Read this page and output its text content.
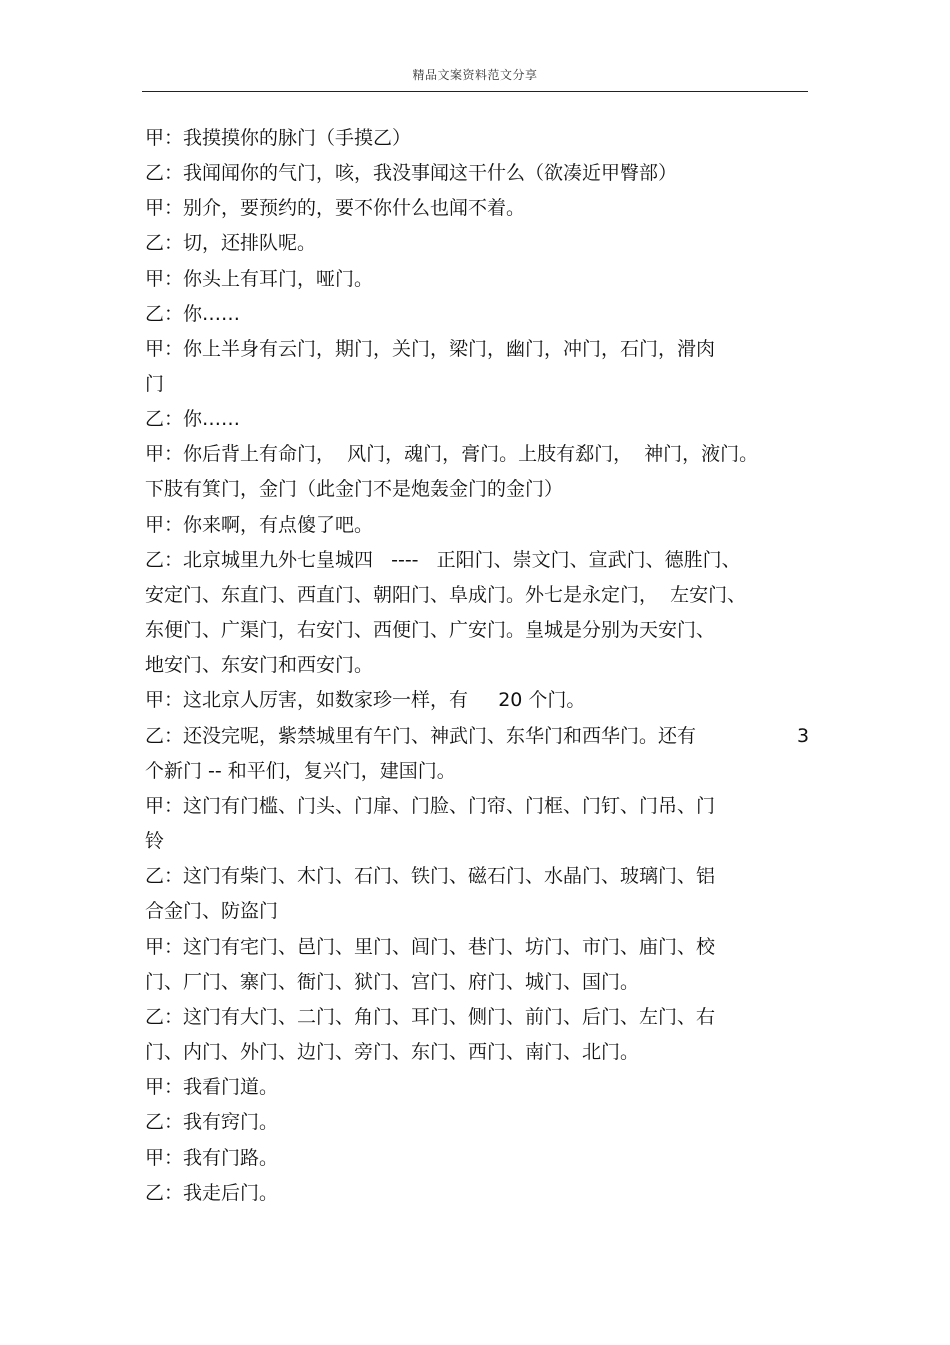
精品文案资料范文分享
甲：我摸摸你的脉门（手摸乙）
乙：我闻闻你的气门，咳，我没事闻这干什么（欲凑近甲臀部）
甲：别介，要预约的，要不你什么也闻不着。
乙：切，还排队呢。
甲：你头上有耳门，哑门。
乙：你……
甲：你上半身有云门，期门，关门，梁门，幽门，冲门，石门，滑肉
门
乙：你……
甲：你后背上有命门，  风门，魂门，膏门。上肢有郄门，  神门，液门。
下肢有箕门，金门（此金门不是炮轰金门的金门）
甲：你来啊，有点傻了吧。
乙：北京城里九外七皇城四   ----   正阳门、崇文门、宣武门、德胜门、
安定门、东直门、西直门、朝阳门、阜成门。外七是永定门，  左安门、
东便门、广渠门，右安门、西便门、广安门。皇城是分别为天安门、
地安门、东安门和西安门。
甲：这北京人厉害，如数家珍一样，有     20 个门。
乙：还没完呢，紫禁城里有午门、神武门、东华门和西华门。还有	3
个新门 -- 和平们，复兴门，建国门。
甲：这门有门槛、门头、门扉、门脸、门帘、门框、门钉、门吊、门
铃
乙：这门有柴门、木门、石门、铁门、磁石门、水晶门、玻璃门、铝
合金门、防盗门
甲：这门有宅门、邑门、里门、闾门、巷门、坊门、市门、庙门、校
门、厂门、寨门、衙门、狱门、宫门、府门、城门、国门。
乙：这门有大门、二门、角门、耳门、侧门、前门、后门、左门、右
门、内门、外门、边门、旁门、东门、西门、南门、北门。
甲：我看门道。
乙：我有窍门。
甲：我有门路。
乙：我走后门。
